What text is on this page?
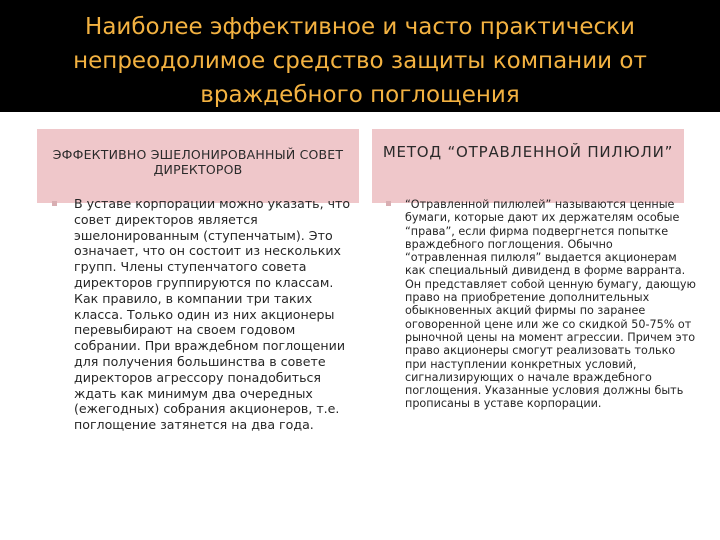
Наиболее эффективное и часто практически непреодолимое средство защиты компании от враждебного поглощения
ЭФФЕКТИВНО ЭШЕЛОНИРОВАННЫЙ СОВЕТ ДИРЕКТОРОВ
МЕТОД “ОТРАВЛЕННОЙ ПИЛЮЛИ”

В уставе корпорации можно указать, что совет директоров является эшелонированным (ступенчатым). Это означает, что он состоит из нескольких групп. Члены ступенчатого совета директоров группируются по классам. Как правило, в компании три таких класса. Только один из них акционеры перевыбирают на своем годовом собрании. При враждебном поглощении для получения большинства в совете директоров агрессору понадобиться ждать как минимум два очередных (ежегодных) собрания акционеров, т.е. поглощение затянется на два года.

“Отравленной пилюлей” называются ценные бумаги, которые дают их держателям особые “права”, если фирма подвергнется попытке враждебного поглощения. Обычно “отравленная пилюля” выдается акционерам как специальный дивиденд в форме варранта. Он представляет собой ценную бумагу, дающую право на приобретение дополнительных обыкновенных акций фирмы по заранее оговоренной цене или же со скидкой 50-75% от рыночной цены на момент агрессии. Причем это право акционеры смогут реализовать только при наступлении конкретных условий, сигнализирующих о начале враждебного поглощения. Указанные условия должны быть прописаны в уставе корпорации.
